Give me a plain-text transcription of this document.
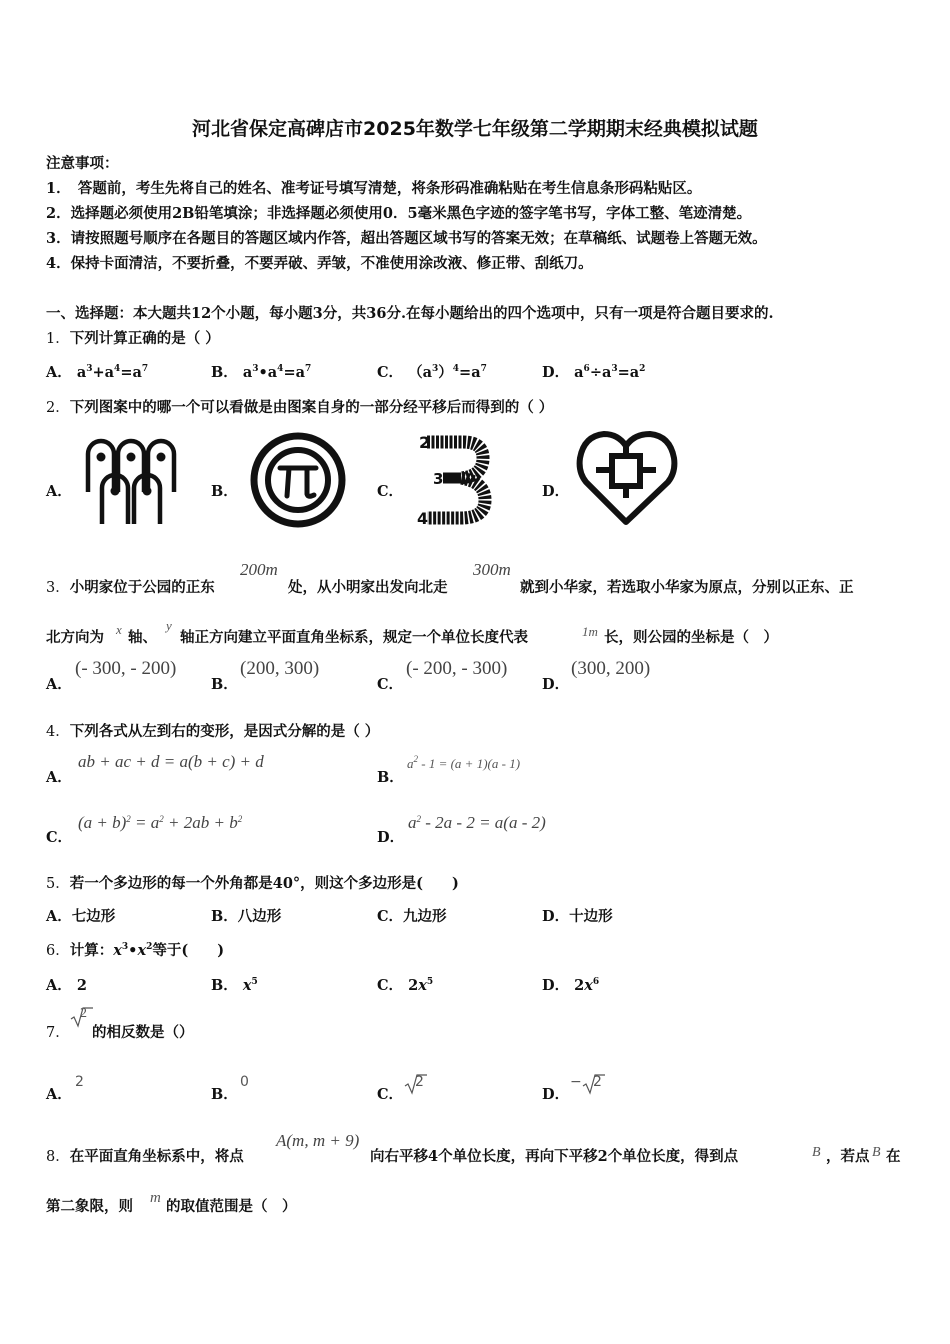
河北省保定高碑店市2025年数学七年级第二学期期末经典模拟试题
注意事项：
1．　答题前，考生先将自己的姓名、准考证号填写清楚，将条形码准确粘贴在考生信息条形码粘贴区。
2．选择题必须使用2B铅笔填涂；非选择题必须使用0．5毫米黑色字迹的签字笔书写，字体工整、笔迹清楚。
3．请按照题号顺序在各题目的答题区域内作答，超出答题区域书写的答案无效；在草稿纸、试题卷上答题无效。
4．保持卡面清洁，不要折叠，不要弄破、弄皱，不准使用涂改液、修正带、刮纸刀。
一、选择题：本大题共12个小题，每小题3分，共36分.在每小题给出的四个选项中，只有一项是符合题目要求的.
1．下列计算正确的是（ ）
A． $a^3+a^4=a^7$	B． $a^3•a^4=a^7$	C． $(a^3)^4=a^7$	D． $a^6\div a^3=a^2$
2．下列图案中的哪一个可以看做是由图案自身的一部分经平移后而得到的（ ）
A．	B．	C．
2
3
4
D．
3．小明家位于公园的正东
200m
处，从小明家出发向北走
300m
就到小华家，若选取小华家为原点，分别以正东、正
北方向为 x 轴、
y
轴正方向建立平面直角坐标系，规定一个单位长度代表	1m 长，则公园的坐标是（　）
A．
(- 300, - 200)
B．
(200, 300)
C．
(- 200, - 300)
D．
(300, 200)
4．下列各式从左到右的变形，是因式分解的是（ ）
A．
ab + ac + d = a(b + c) + d
B．
$a^2 - 1 = (a + 1)(a - 1)$
C．
$(a + b)^2 = a^2 + 2ab + b^2$
D．
$a^2 - 2a - 2 = a(a - 2)$
5．若一个多边形的每一个外角都是40°，则这个多边形是(　　)
A．七边形	B．八边形	C．九边形	D．十边形
6．计算：$x^3•x^2$等于(　　)
A． 2	B． $x^5$	C． $2x^5$	D． $2x^6$
7．
2
的相反数是（）
A．
2
B．
0
C．
2
D．
− 2
8．在平面直角坐标系中，将点
A(m, m + 9)
向右平移4个单位长度，再向下平移2个单位长度，得到点	B ，若点 B 在
第二象限，则 m 的取值范围是（　）
